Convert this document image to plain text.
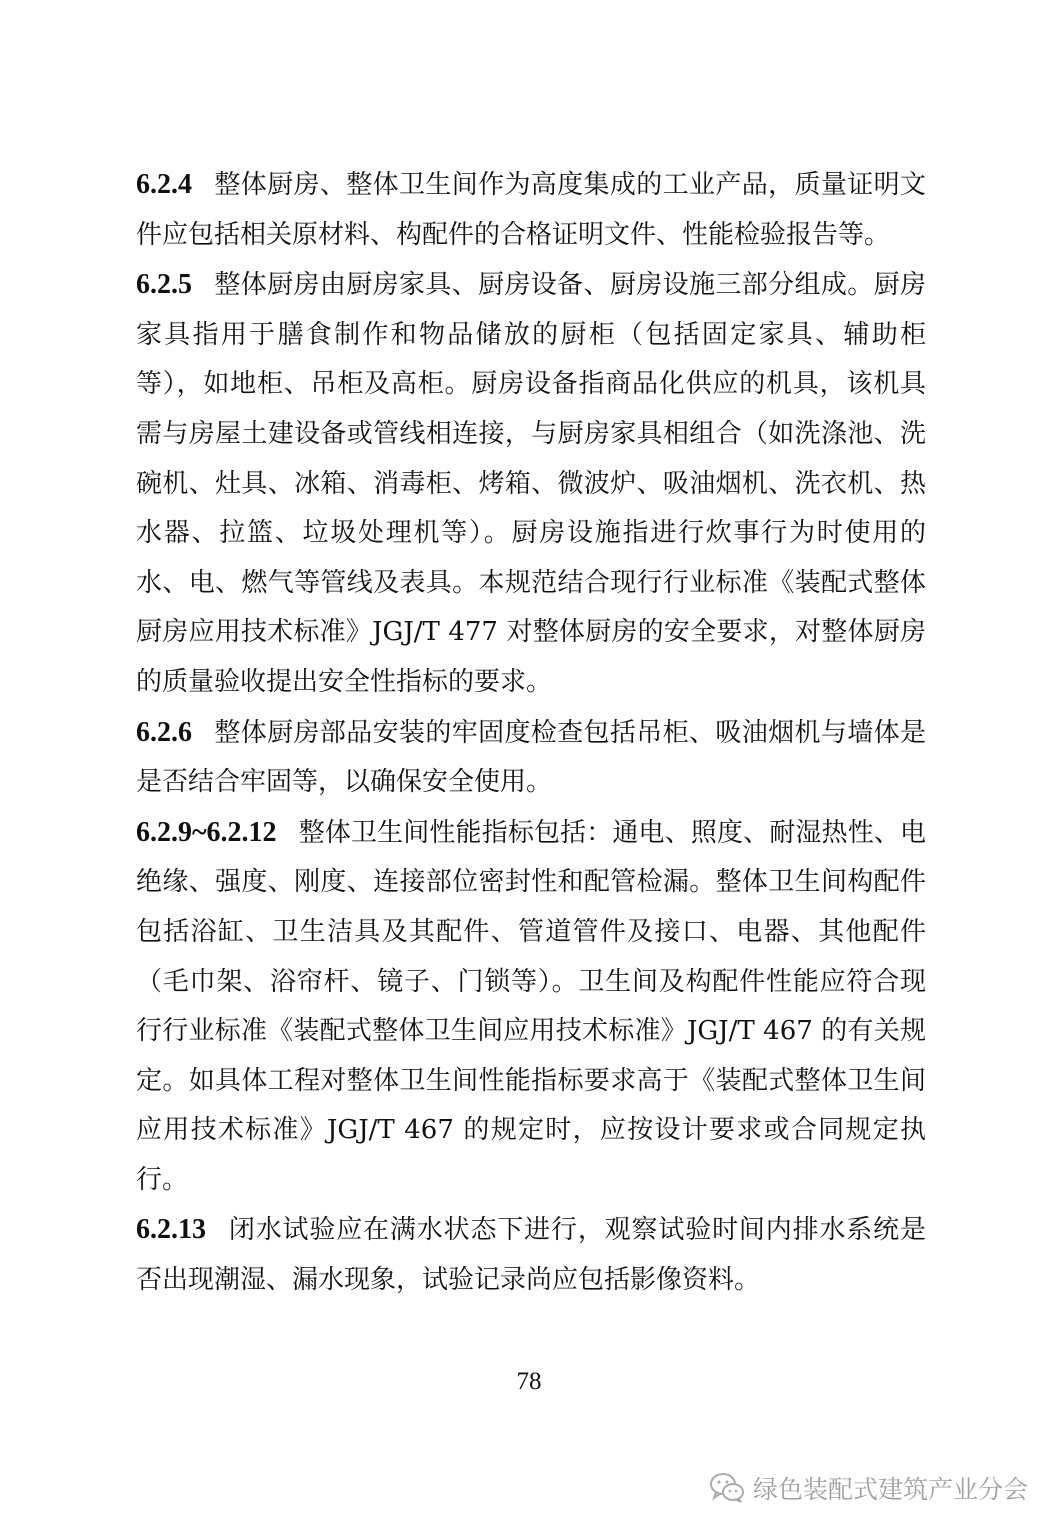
6.2.4 整体厨房、整体卫生间作为高度集成的工业产品，质量证明文件应包括相关原材料、构配件的合格证明文件、性能检验报告等。

6.2.5 整体厨房由厨房家具、厨房设备、厨房设施三部分组成。厨房家具指用于膳食制作和物品储放的厨柜（包括固定家具、辅助柜等），如地柜、吊柜及高柜。厨房设备指商品化供应的机具，该机具需与房屋土建设备或管线相连接，与厨房家具相组合（如洗涤池、洗碗机、灶具、冰箱、消毒柜、烤箱、微波炉、吸油烟机、洗衣机、热水器、拉篮、垃圾处理机等）。厨房设施指进行炊事行为时使用的水、电、燃气等管线及表具。本规范结合现行行业标准《装配式整体厨房应用技术标准》JGJ/T 477 对整体厨房的安全要求，对整体厨房的质量验收提出安全性指标的要求。

6.2.6 整体厨房部品安装的牢固度检查包括吊柜、吸油烟机与墙体是是否结合牢固等，以确保安全使用。

6.2.9~6.2.12 整体卫生间性能指标包括：通电、照度、耐湿热性、电绝缘、强度、刚度、连接部位密封性和配管检漏。整体卫生间构配件包括浴缸、卫生洁具及其配件、管道管件及接口、电器、其他配件（毛巾架、浴帘杆、镜子、门锁等）。卫生间及构配件性能应符合现行行业标准《装配式整体卫生间应用技术标准》JGJ/T 467 的有关规定。如具体工程对整体卫生间性能指标要求高于《装配式整体卫生间应用技术标准》JGJ/T 467 的规定时，应按设计要求或合同规定执行。

6.2.13 闭水试验应在满水状态下进行，观察试验时间内排水系统是否出现潮湿、漏水现象，试验记录尚应包括影像资料。

78
绿色装配式建筑产业分会
